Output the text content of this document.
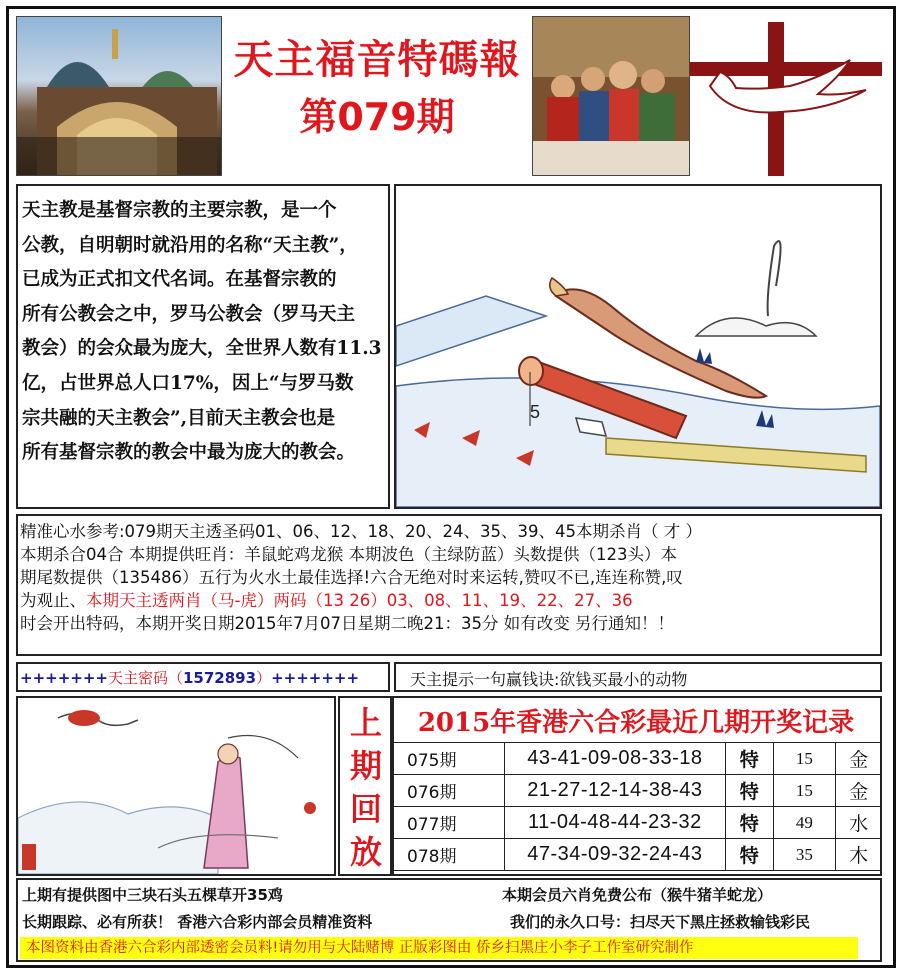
天主福音特碼報
第079期

天主教是基督宗教的主要宗教，是一个

公教，自明朝时就沿用的名称“天主教”，

已成为正式扣文代名词。在基督宗教的

所有公教会之中，罗马公教会（罗马天主

教会）的会众最为庞大，全世界人数有11.3

亿，占世界总人口17%，因上“与罗马数

宗共融的天主教会”,目前天主教会也是

所有基督宗教的教会中最为庞大的教会。

5
精准心水参考:079期天主透圣码01、06、12、18、20、24、35、39、45本期杀肖（ 才 ）
本期杀合04合 本期提供旺肖：羊鼠蛇鸡龙猴 本期波色（主绿防蓝）头数提供（123头）本
期尾数提供（135486）五行为火水土最佳选择!六合无绝对时来运转,赞叹不已,连连称赞,叹
为观止、本期天主透两肖（马-虎）两码（13 26）03、08、11、19、22、27、36
时会开出特码，本期开奖日期2015年7月07日星期二晚21：35分 如有改变 另行通知！！
+++++++天主密码（1572893）+++++++	天主提示一句赢钱诀:欲钱买最小的动物
上
期
回
放
2015年香港六合彩最近几期开奖记录
075期	43-41-09-08-33-18	特	15	金
076期	21-27-12-14-38-43	特	15	金
077期	11-04-48-44-23-32	特	49	水
078期	47-34-09-32-24-43	特	35	木
上期有提供图中三块石头五棵草开35鸡	本期会员六肖免费公布（猴牛猪羊蛇龙）
长期跟踪、必有所获！ 香港六合彩内部会员精准资料	我们的永久口号：扫尽天下黑庄拯救输钱彩民
本图资料由香港六合彩内部透密会员料!请勿用与大陆赌博 正版彩图由 侨乡扫黑庄小李子工作室研究制作
